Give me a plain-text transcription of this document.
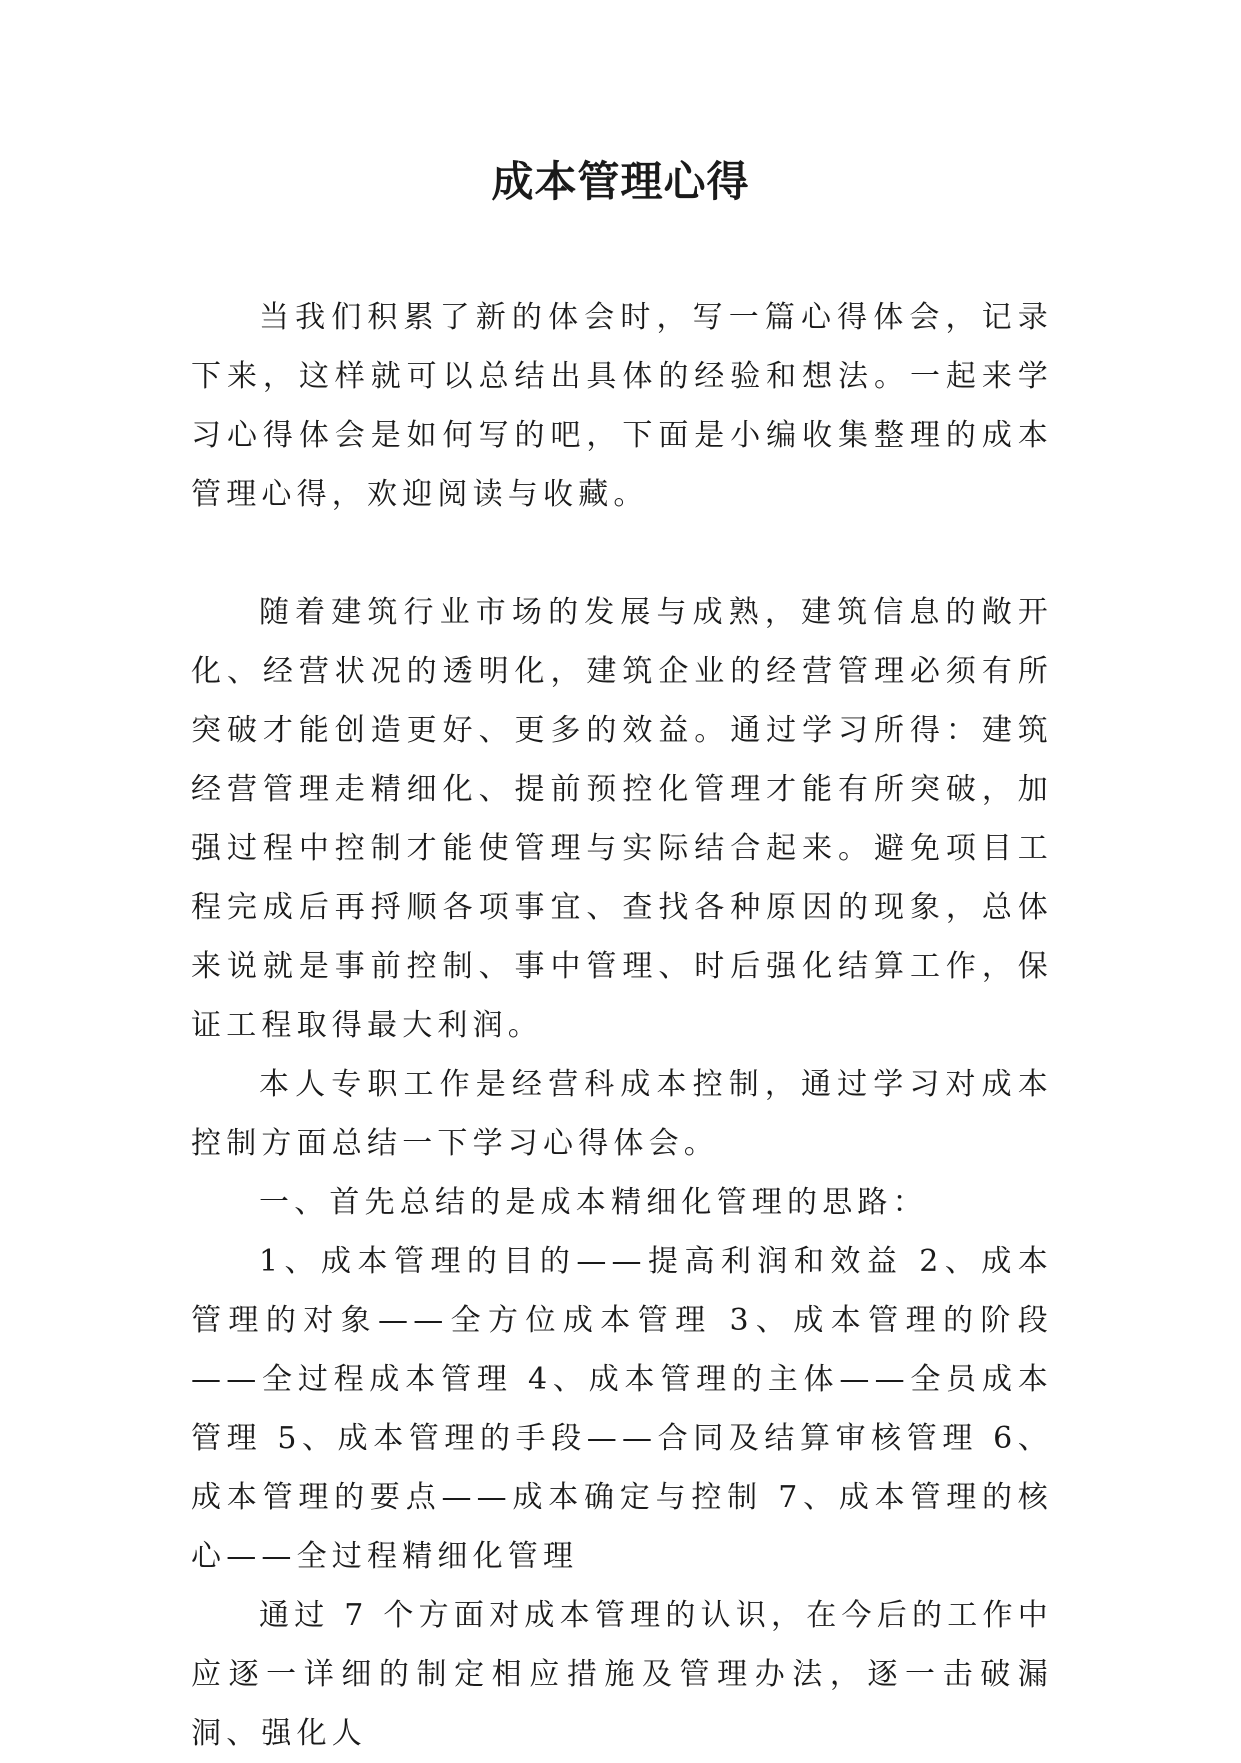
成本管理心得

当我们积累了新的体会时，写一篇心得体会，记录下来，这样就可以总结出具体的经验和想法。一起来学习心得体会是如何写的吧，下面是小编收集整理的成本管理心得，欢迎阅读与收藏。

随着建筑行业市场的发展与成熟，建筑信息的敞开化、经营状况的透明化，建筑企业的经营管理必须有所突破才能创造更好、更多的效益。通过学习所得：建筑经营管理走精细化、提前预控化管理才能有所突破，加强过程中控制才能使管理与实际结合起来。避免项目工程完成后再捋顺各项事宜、查找各种原因的现象，总体来说就是事前控制、事中管理、时后强化结算工作，保证工程取得最大利润。

本人专职工作是经营科成本控制，通过学习对成本控制方面总结一下学习心得体会。

一、首先总结的是成本精细化管理的思路：

1、成本管理的目的——提高利润和效益 2、成本管理的对象——全方位成本管理 3、成本管理的阶段——全过程成本管理 4、成本管理的主体——全员成本管理 5、成本管理的手段——合同及结算审核管理 6、成本管理的要点——成本确定与控制 7、成本管理的核心——全过程精细化管理

通过 7 个方面对成本管理的认识，在今后的工作中应逐一详细的制定相应措施及管理办法，逐一击破漏洞、强化人
